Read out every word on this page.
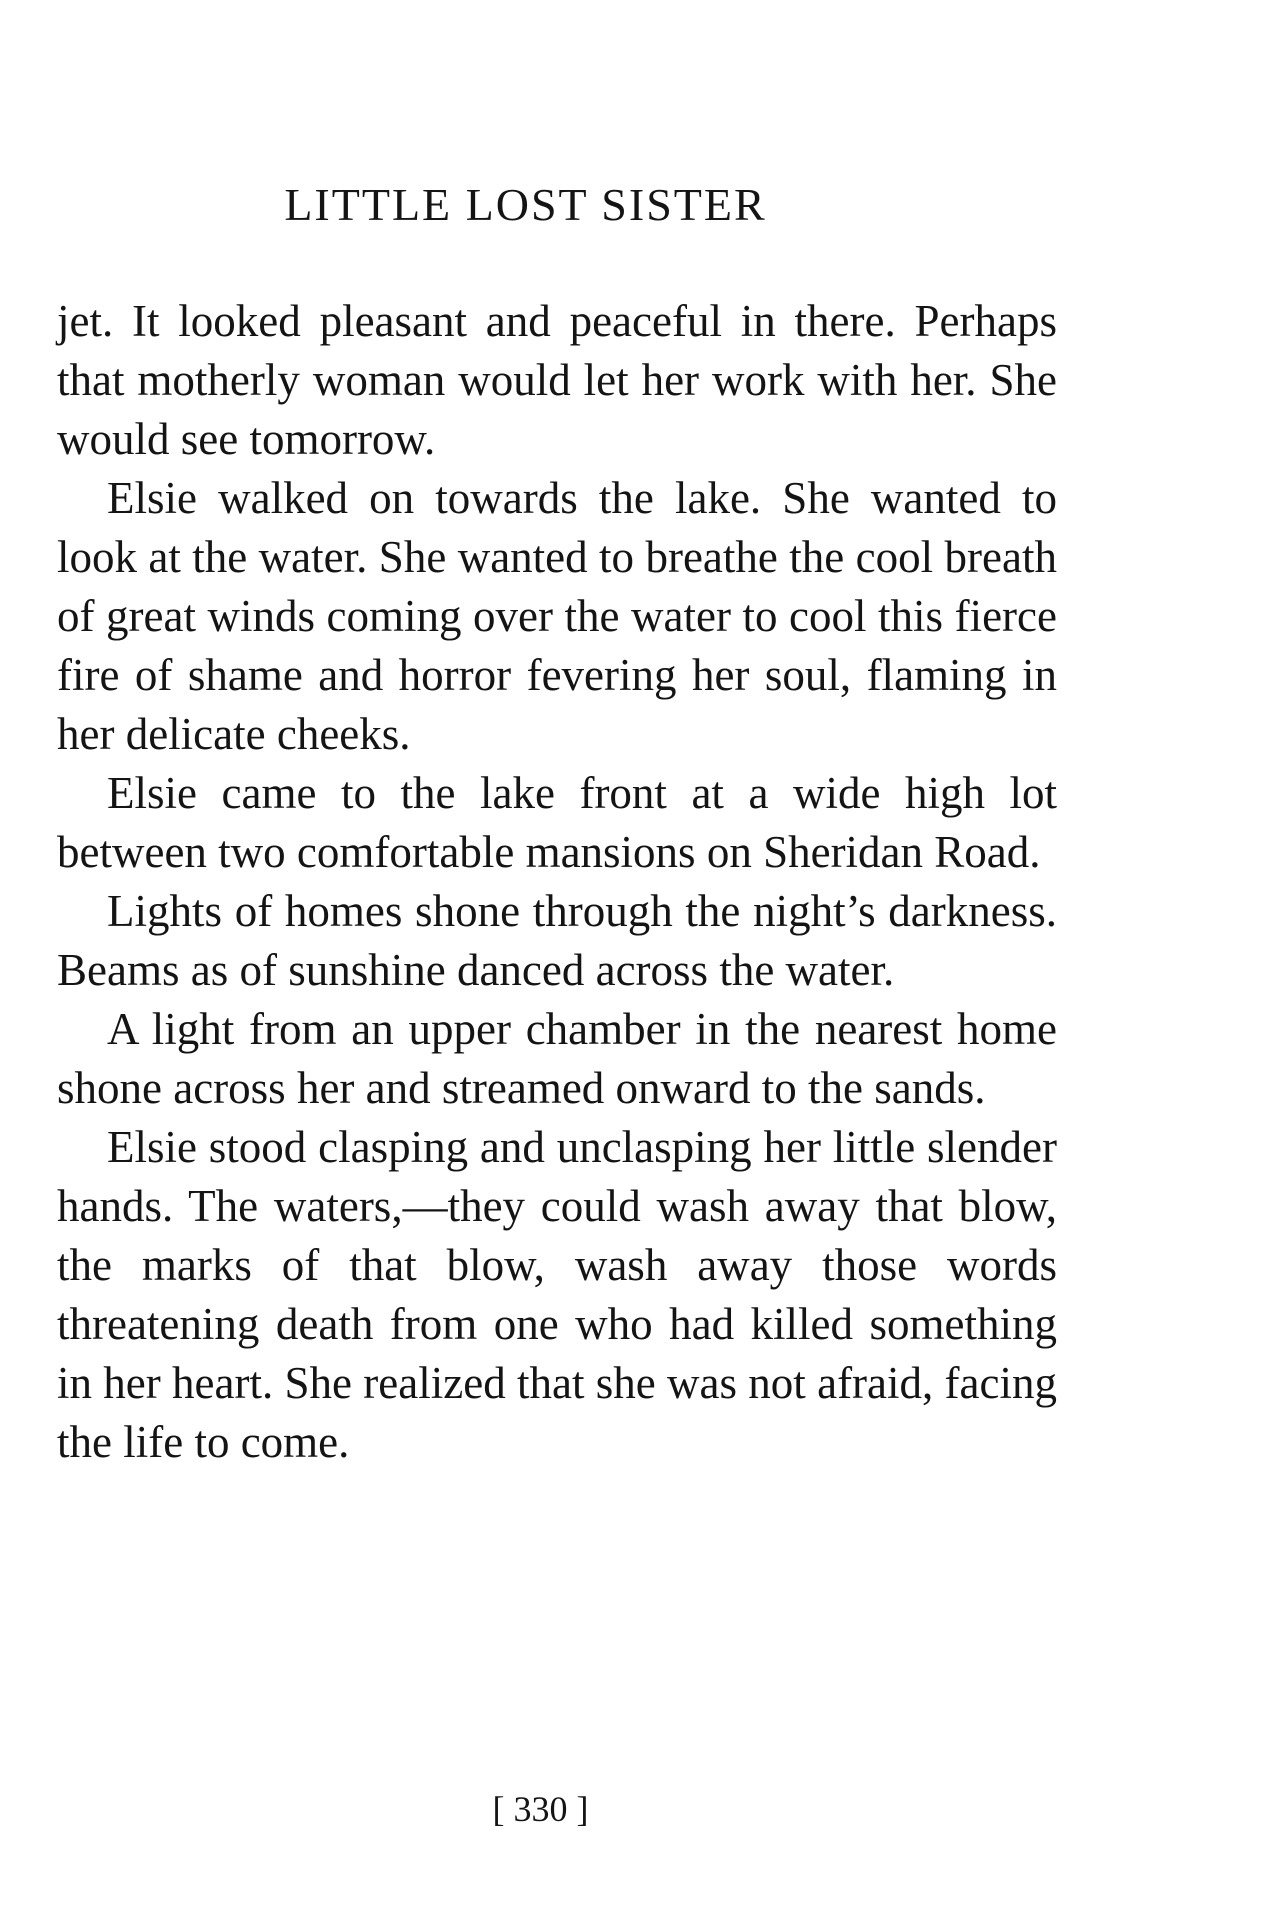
LITTLE LOST SISTER

jet. It looked pleasant and peaceful in there. Perhaps that motherly woman would let her work with her. She would see tomorrow.

Elsie walked on towards the lake. She wanted to look at the water. She wanted to breathe the cool breath of great winds coming over the water to cool this fierce fire of shame and horror fevering her soul, flaming in her delicate cheeks.

Elsie came to the lake front at a wide high lot between two comfortable mansions on Sheridan Road.

Lights of homes shone through the night’s darkness. Beams as of sunshine danced across the water.

A light from an upper chamber in the nearest home shone across her and streamed onward to the sands.

Elsie stood clasping and unclasping her little slender hands. The waters,—they could wash away that blow, the marks of that blow, wash away those words threatening death from one who had killed something in her heart. She realized that she was not afraid, facing the life to come.

[ 330 ]
